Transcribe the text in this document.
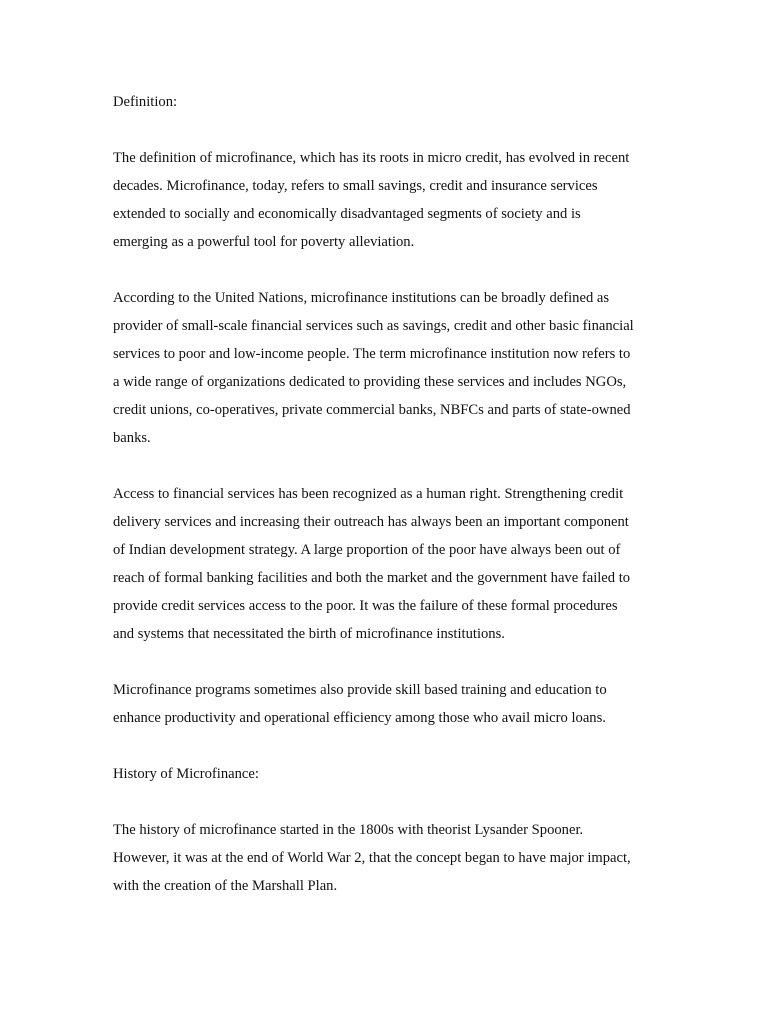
Definition:

The definition of microfinance, which has its roots in micro credit, has evolved in recent
decades. Microfinance, today, refers to small savings, credit and insurance services
extended to socially and economically disadvantaged segments of society and is
emerging as a powerful tool for poverty alleviation.

According to the United Nations, microfinance institutions can be broadly defined as
provider of small-scale financial services such as savings, credit and other basic financial
services to poor and low-income people. The term microfinance institution now refers to
a wide range of organizations dedicated to providing these services and includes NGOs,
credit unions, co-operatives, private commercial banks, NBFCs and parts of state-owned
banks.

Access to financial services has been recognized as a human right. Strengthening credit
delivery services and increasing their outreach has always been an important component
of Indian development strategy. A large proportion of the poor have always been out of
reach of formal banking facilities and both the market and the government have failed to
provide credit services access to the poor. It was the failure of these formal procedures
and systems that necessitated the birth of microfinance institutions.

Microfinance programs sometimes also provide skill based training and education to
enhance productivity and operational efficiency among those who avail micro loans.

History of Microfinance:

The history of microfinance started in the 1800s with theorist Lysander Spooner.
However, it was at the end of World War 2, that the concept began to have major impact,
with the creation of the Marshall Plan.
